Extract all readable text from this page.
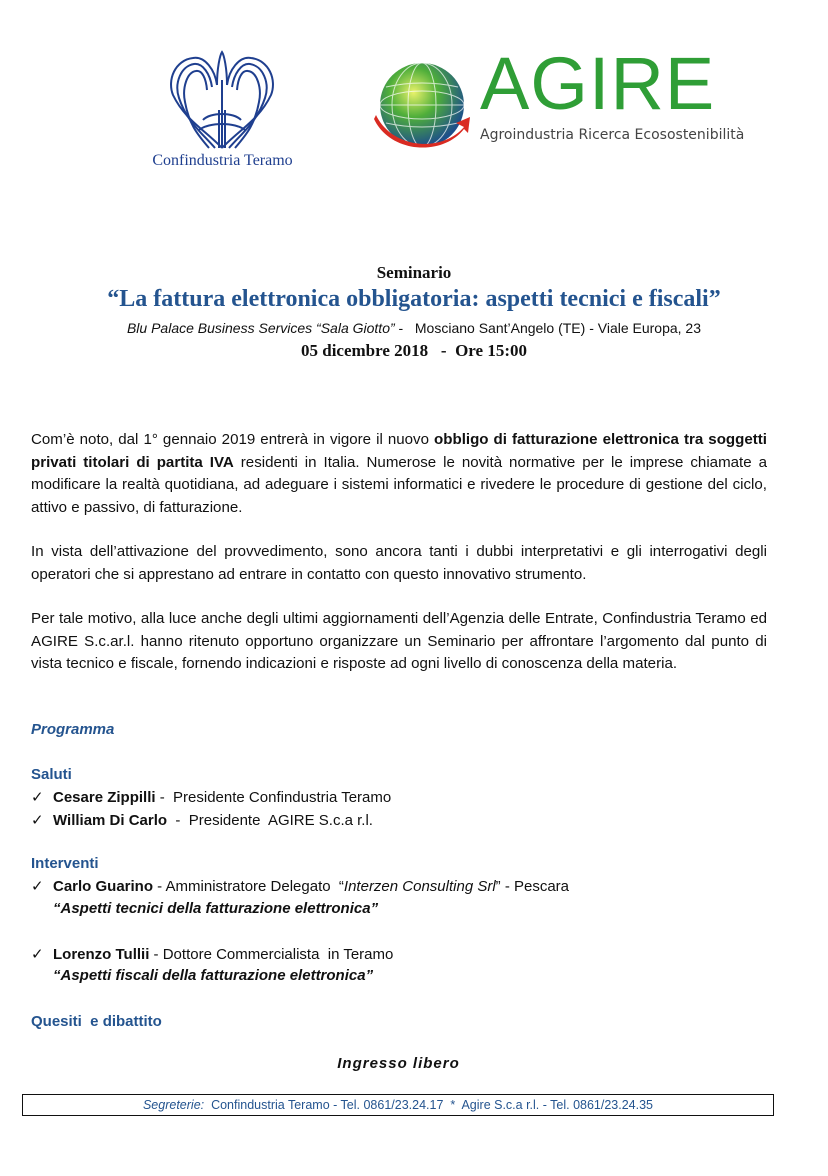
Confindustria Teramo
AGIRE
Agroindustria Ricerca Ecosostenibilità
Seminario
“La fattura elettronica obbligatoria: aspetti tecnici e fiscali”
Blu Palace Business Services “Sala Giotto” -   Mosciano Sant’Angelo (TE) - Viale Europa, 23
05 dicembre 2018   -  Ore 15:00
Com’è noto, dal 1° gennaio 2019 entrerà in vigore il nuovo obbligo di fatturazione elettronica tra soggetti privati titolari di partita IVA residenti in Italia. Numerose le novità normative per le imprese chiamate a modificare la realtà quotidiana, ad adeguare i sistemi informatici e rivedere le procedure di gestione del ciclo, attivo e passivo, di fatturazione.
In vista dell’attivazione del provvedimento, sono ancora tanti i dubbi interpretativi e gli interrogativi degli operatori che si apprestano ad entrare in contatto con questo innovativo strumento.
Per tale motivo, alla luce anche degli ultimi aggiornamenti dell’Agenzia delle Entrate, Confindustria Teramo ed AGIRE S.c.ar.l. hanno ritenuto opportuno organizzare un Seminario per affrontare l’argomento dal punto di vista tecnico e fiscale, fornendo indicazioni e risposte ad ogni livello di conoscenza della materia.
Programma
Saluti
✓ Cesare Zippilli -  Presidente Confindustria Teramo
✓ William Di Carlo  -  Presidente  AGIRE S.c.a r.l.
Interventi
✓ Carlo Guarino - Amministratore Delegato  “Interzen Consulting Srl” - Pescara
“Aspetti tecnici della fatturazione elettronica”
✓ Lorenzo Tullii - Dottore Commercialista  in Teramo
“Aspetti fiscali della fatturazione elettronica”
Quesiti  e dibattito
Ingresso libero
Segreterie:  Confindustria Teramo - Tel. 0861/23.24.17  *  Agire S.c.a r.l. - Tel. 0861/23.24.35
